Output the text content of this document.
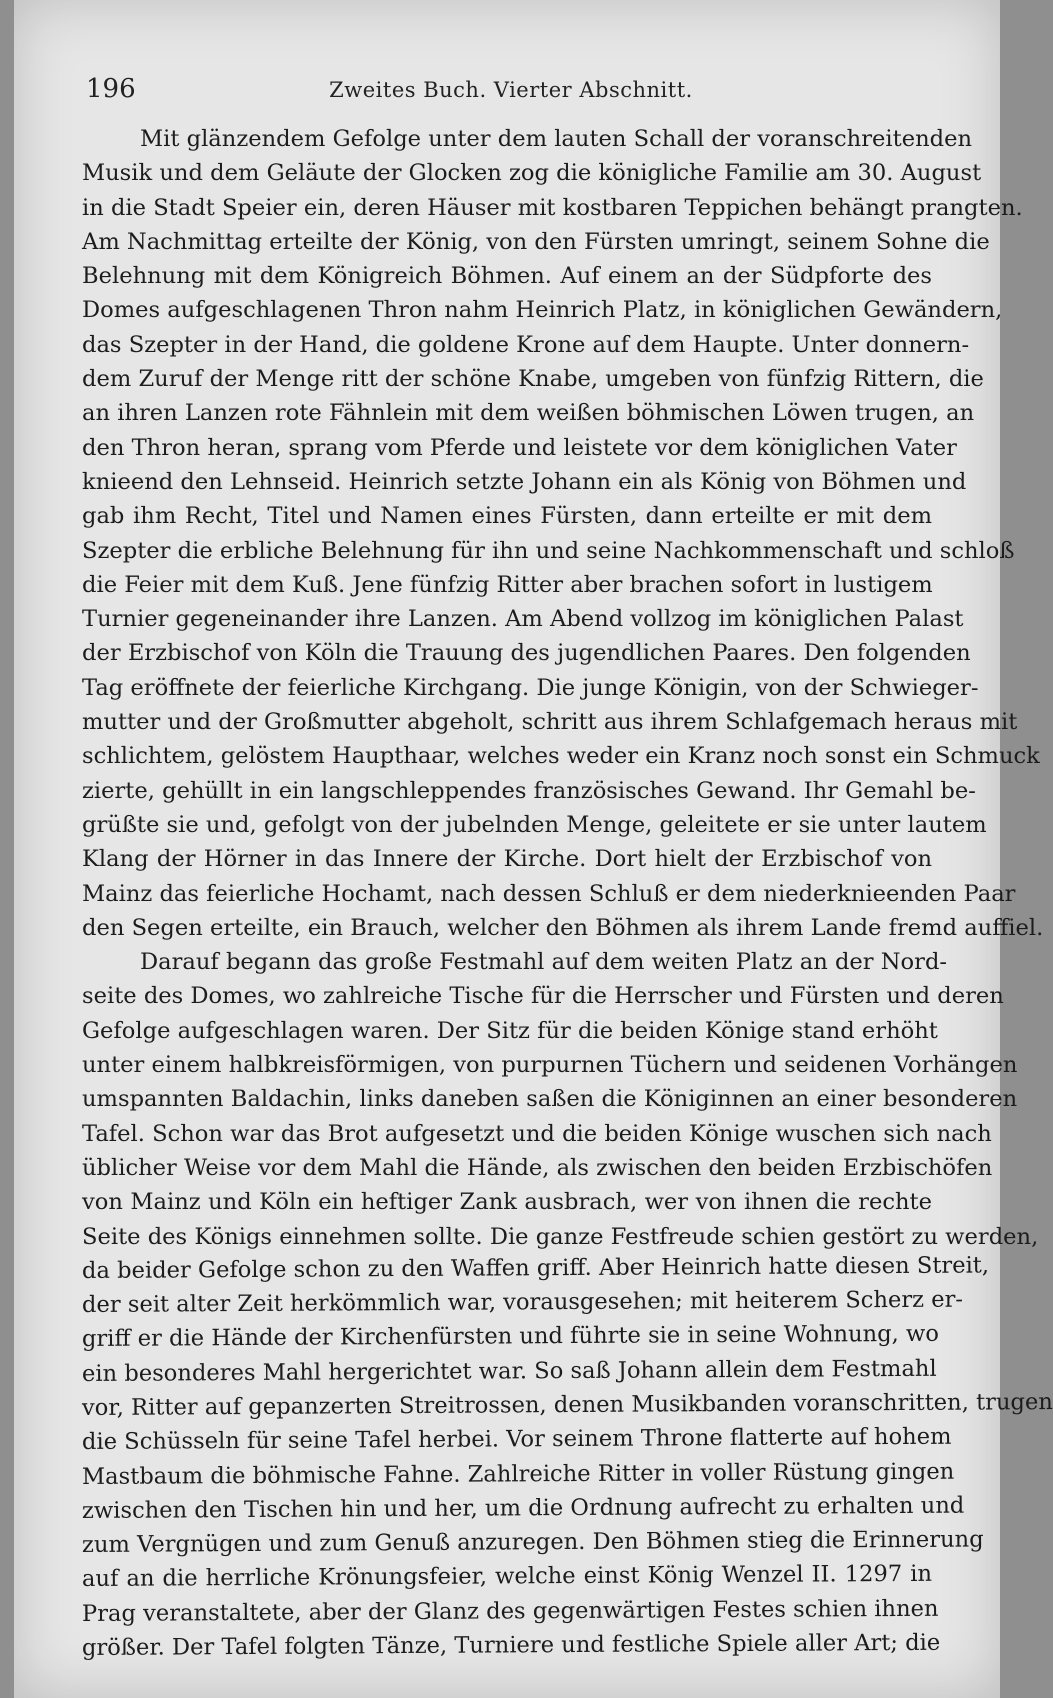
196	Zweites Buch. Vierter Abschnitt.
Mit glänzendem Gefolge unter dem lauten Schall der voranschreitenden
Musik und dem Geläute der Glocken zog die königliche Familie am 30. August
in die Stadt Speier ein, deren Häuser mit kostbaren Teppichen behängt prangten.
Am Nachmittag erteilte der König, von den Fürsten umringt, seinem Sohne die
Belehnung mit dem Königreich Böhmen. Auf einem an der Südpforte des
Domes aufgeschlagenen Thron nahm Heinrich Platz, in königlichen Gewändern,
das Szepter in der Hand, die goldene Krone auf dem Haupte. Unter donnern-
dem Zuruf der Menge ritt der schöne Knabe, umgeben von fünfzig Rittern, die
an ihren Lanzen rote Fähnlein mit dem weißen böhmischen Löwen trugen, an
den Thron heran, sprang vom Pferde und leistete vor dem königlichen Vater
knieend den Lehnseid. Heinrich setzte Johann ein als König von Böhmen und
gab ihm Recht, Titel und Namen eines Fürsten, dann erteilte er mit dem
Szepter die erbliche Belehnung für ihn und seine Nachkommenschaft und schloß
die Feier mit dem Kuß. Jene fünfzig Ritter aber brachen sofort in lustigem
Turnier gegeneinander ihre Lanzen. Am Abend vollzog im königlichen Palast
der Erzbischof von Köln die Trauung des jugendlichen Paares. Den folgenden
Tag eröffnete der feierliche Kirchgang. Die junge Königin, von der Schwieger-
mutter und der Großmutter abgeholt, schritt aus ihrem Schlafgemach heraus mit
schlichtem, gelöstem Haupthaar, welches weder ein Kranz noch sonst ein Schmuck
zierte, gehüllt in ein langschleppendes französisches Gewand. Ihr Gemahl be-
grüßte sie und, gefolgt von der jubelnden Menge, geleitete er sie unter lautem
Klang der Hörner in das Innere der Kirche. Dort hielt der Erzbischof von
Mainz das feierliche Hochamt, nach dessen Schluß er dem niederknieenden Paar
den Segen erteilte, ein Brauch, welcher den Böhmen als ihrem Lande fremd auffiel.
Darauf begann das große Festmahl auf dem weiten Platz an der Nord-
seite des Domes, wo zahlreiche Tische für die Herrscher und Fürsten und deren
Gefolge aufgeschlagen waren. Der Sitz für die beiden Könige stand erhöht
unter einem halbkreisförmigen, von purpurnen Tüchern und seidenen Vorhängen
umspannten Baldachin, links daneben saßen die Königinnen an einer besonderen
Tafel. Schon war das Brot aufgesetzt und die beiden Könige wuschen sich nach
üblicher Weise vor dem Mahl die Hände, als zwischen den beiden Erzbischöfen
von Mainz und Köln ein heftiger Zank ausbrach, wer von ihnen die rechte
Seite des Königs einnehmen sollte. Die ganze Festfreude schien gestört zu werden,
da beider Gefolge schon zu den Waffen griff. Aber Heinrich hatte diesen Streit,
der seit alter Zeit herkömmlich war, vorausgesehen; mit heiterem Scherz er-
griff er die Hände der Kirchenfürsten und führte sie in seine Wohnung, wo
ein besonderes Mahl hergerichtet war. So saß Johann allein dem Festmahl
vor, Ritter auf gepanzerten Streitrossen, denen Musikbanden voranschritten, trugen
die Schüsseln für seine Tafel herbei. Vor seinem Throne flatterte auf hohem
Mastbaum die böhmische Fahne. Zahlreiche Ritter in voller Rüstung gingen
zwischen den Tischen hin und her, um die Ordnung aufrecht zu erhalten und
zum Vergnügen und zum Genuß anzuregen. Den Böhmen stieg die Erinnerung
auf an die herrliche Krönungsfeier, welche einst König Wenzel II. 1297 in
Prag veranstaltete, aber der Glanz des gegenwärtigen Festes schien ihnen
größer. Der Tafel folgten Tänze, Turniere und festliche Spiele aller Art; die
